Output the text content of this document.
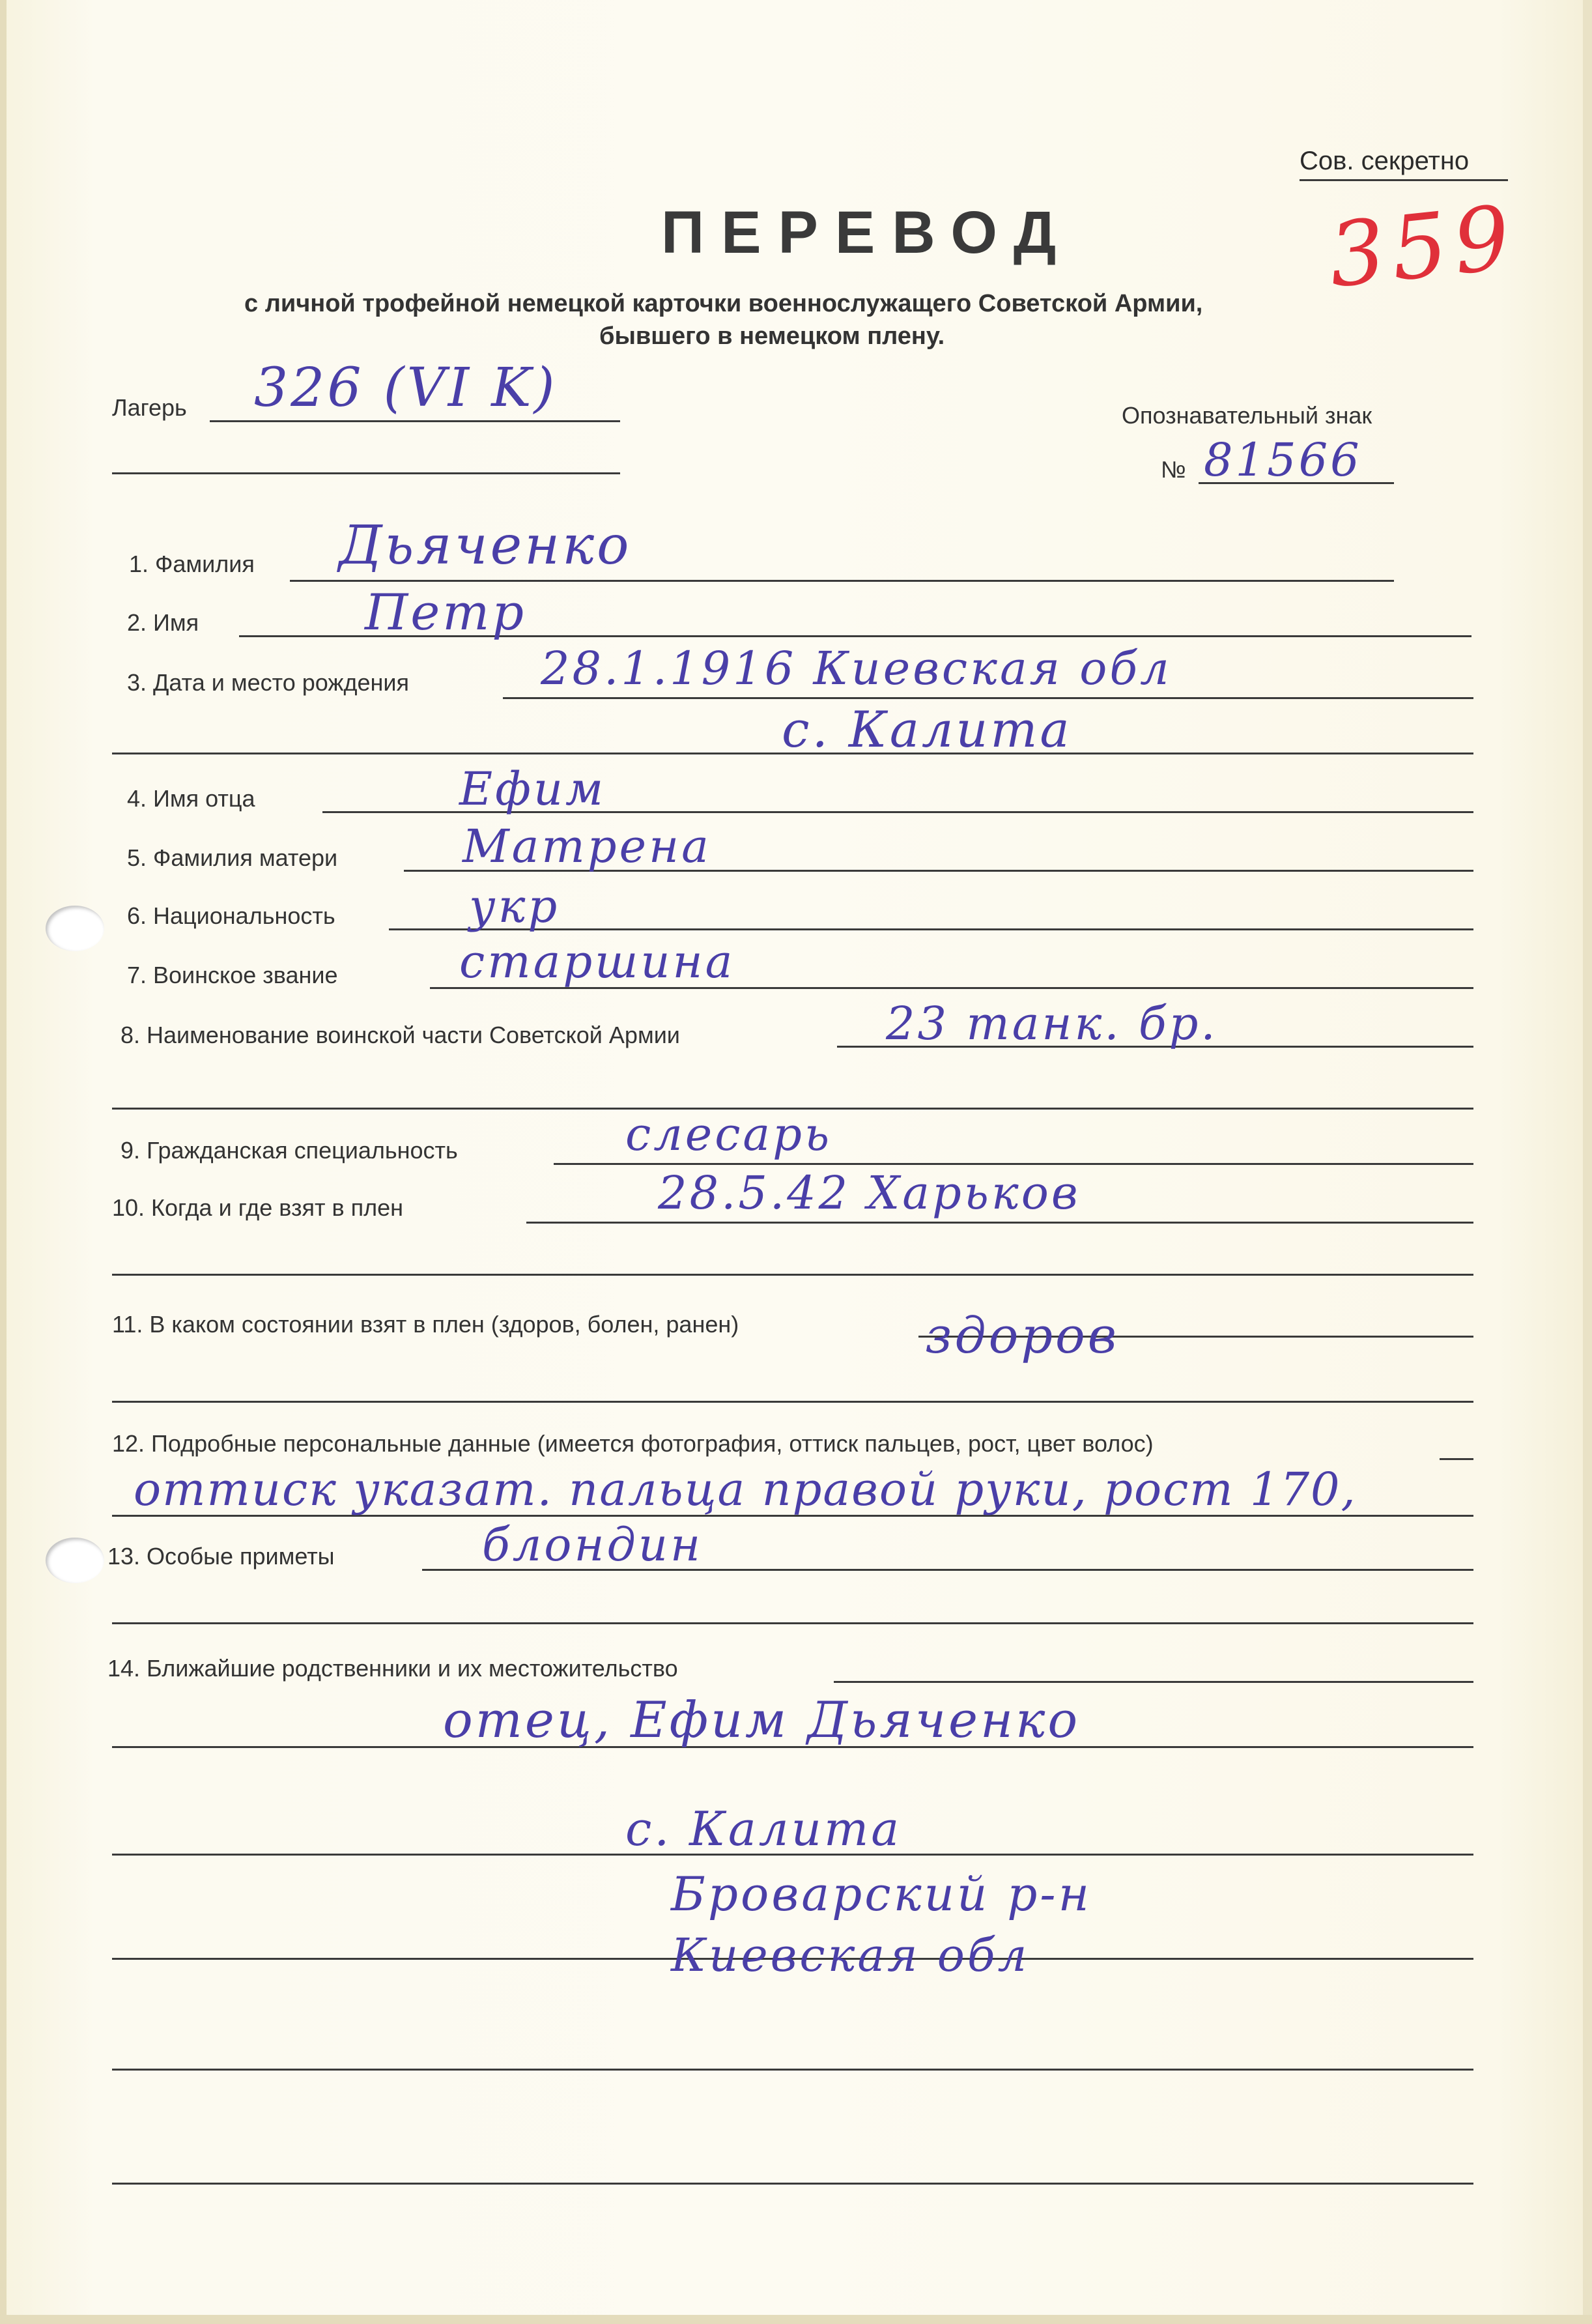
Сов. секретно
359
ПЕРЕВОД
с личной трофейной немецкой карточки военнослужащего Советской Армии,
бывшего в немецком плену.
Лагерь 326 (VI K)	Опознавательный знак
№ 81566
1. Фамилия Дьяченко
2. Имя	Петр
3. Дата и место рождения	28.1.1916 Киевская обл
с. Калита
4. Имя отца	Ефим
5. Фамилия матери	Матрена
6. Национальность	укр
7. Воинское звание	старшина
8. Наименование воинской части Советской Армии	23 танк. бр.
9. Гражданская специальность	слесарь
10. Когда и где взят в плен	28.5.42 Харьков
11. В каком состоянии взят в плен (здоров, болен, ранен)	здоров
12. Подробные персональные данные (имеется фотография, оттиск пальцев, рост, цвет волос)
оттиск указат. пальца правой руки, рост 170,
13. Особые приметы	блондин
14. Ближайшие родственники и их местожительство
отец, Ефим Дьяченко
с. Калита
Броварский р-н
Киевская обл
